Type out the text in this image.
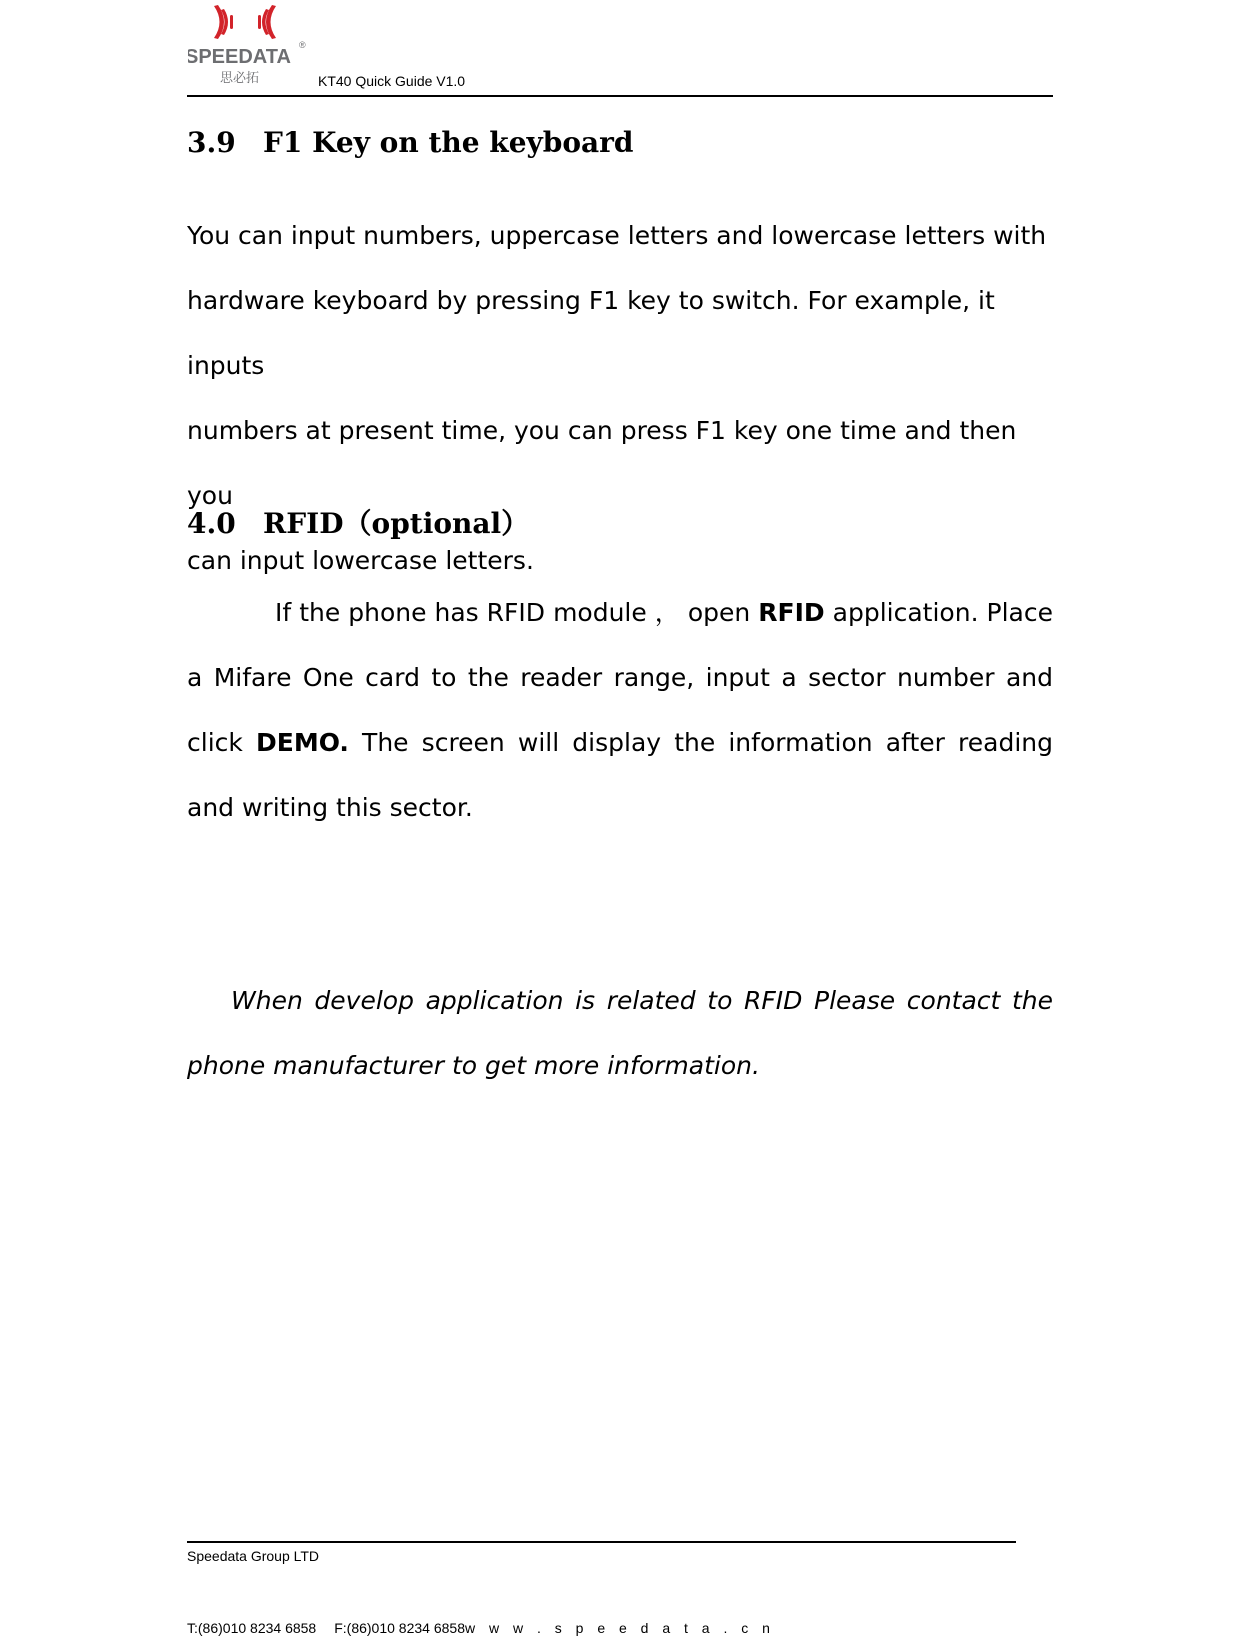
SPEEDATA
®
思必拓	KT40 Quick Guide V1.0
3.9 F1 Key on the keyboard
You can input numbers, uppercase letters and lowercase letters with
hardware keyboard by pressing F1 key to switch. For example, it inputs
numbers at present time, you can press F1 key one time and then you
can input lowercase letters.
4.0 RFID（optional）
If the phone has RFID module ， open RFID application. Place a Mifare One card to the reader range, input a sector number and click DEMO. The screen will display the information after reading and writing this sector.
When develop application is related to RFID Please contact the phone manufacturer to get more information.
Speedata Group LTD
T:(86)010 8234 6858 F:(86)010 8234 6858w w w . s p e e d a t a . c n
